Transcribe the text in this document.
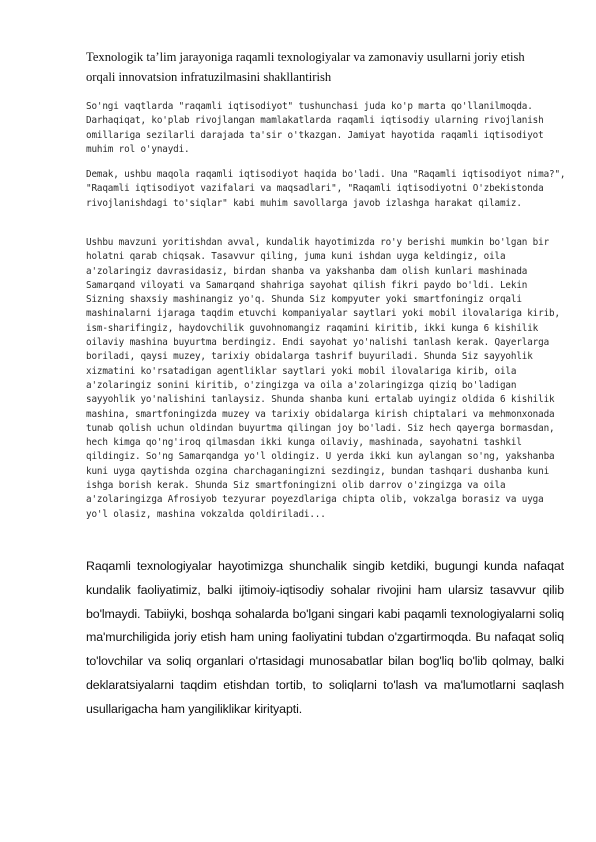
Texnologik ta’lim jarayoniga raqamli texnologiyalar va zamonaviy usullarni joriy etish orqali innovatsion infratuzilmasini shakllantirish

So'ngi vaqtlarda "raqamli iqtisodiyot" tushunchasi juda ko'p marta qo'llanilmoqda. Darhaqiqat, ko'plab rivojlangan mamlakatlarda raqamli iqtisodiy ularning rivojlanish omillariga sezilarli darajada ta'sir o'tkazgan. Jamiyat hayotida raqamli iqtisodiyot muhim rol o'ynaydi.

Demak, ushbu maqola raqamli iqtisodiyot haqida bo'ladi. Una "Raqamli iqtisodiyot nima?", "Raqamli iqtisodiyot vazifalari va maqsadlari", "Raqamli iqtisodiyotni O'zbekistonda rivojlanishdagi to'siqlar" kabi muhim savollarga javob izlashga harakat qilamiz.

Ushbu mavzuni yoritishdan avval, kundalik hayotimizda ro'y berishi mumkin bo'lgan bir holatni qarab chiqsak. Tasavvur qiling, juma kuni ishdan uyga keldingiz, oila a'zolaringiz davrasidasiz, birdan shanba va yakshanba dam olish kunlari mashinada Samarqand viloyati va Samarqand shahriga sayohat qilish fikri paydo bo'ldi. Lekin Sizning shaxsiy mashinangiz yo'q. Shunda Siz kompyuter yoki smartfoningiz orqali mashinalarni ijaraga taqdim etuvchi kompaniyalar saytlari yoki mobil ilovalariga kirib, ism-sharifingiz, haydovchilik guvohnomangiz raqamini kiritib, ikki kunga 6 kishilik oilaviy mashina buyurtma berdingiz. Endi sayohat yo'nalishi tanlash kerak. Qayerlarga boriladi, qaysi muzey, tarixiy obidalarga tashrif buyuriladi. Shunda Siz sayyohlik xizmatini ko'rsatadigan agentliklar saytlari yoki mobil ilovalariga kirib, oila a'zolaringiz sonini kiritib, o'zingizga va oila a'zolaringizga qiziq bo'ladigan sayyohlik yo'nalishini tanlaysiz. Shunda shanba kuni ertalab uyingiz oldida 6 kishilik mashina, smartfoningizda muzey va tarixiy obidalarga kirish chiptalari va mehmonxonada tunab qolish uchun oldindan buyurtma qilingan joy bo'ladi. Siz hech qayerga bormasdan, hech kimga qo'ng'iroq qilmasdan ikki kunga oilaviy, mashinada, sayohatni tashkil qildingiz. So'ng Samarqandga yo'l oldingiz. U yerda ikki kun aylangan so'ng, yakshanba kuni uyga qaytishda ozgina charchaganingizni sezdingiz, bundan tashqari dushanba kuni ishga borish kerak. Shunda Siz smartfoningizni olib darrov o'zingizga va oila a'zolaringizga Afrosiyob tezyurar poyezdlariga chipta olib, vokzalga borasiz va uyga yo'l olasiz, mashina vokzalda qoldiriladi...

Raqamli texnologiyalar hayotimizga shunchalik singib ketdiki, bugungi kunda nafaqat kundalik faoliyatimiz, balki ijtimoiy-iqtisodiy sohalar rivojini ham ularsiz tasavvur qilib bo'lmaydi. Tabiiyki, boshqa sohalarda bo'lgani singari kabi paqamli texnologiyalarni soliq ma'murchiligida joriy etish ham uning faoliyatini tubdan o'zgartirmoqda. Bu nafaqat soliq to'lovchilar va soliq organlari o'rtasidagi munosabatlar bilan bog'liq bo'lib qolmay, balki deklaratsiyalarni taqdim etishdan tortib, to soliqlarni to'lash va ma'lumotlarni saqlash usullarigacha ham yangiliklikar kirityapti.
